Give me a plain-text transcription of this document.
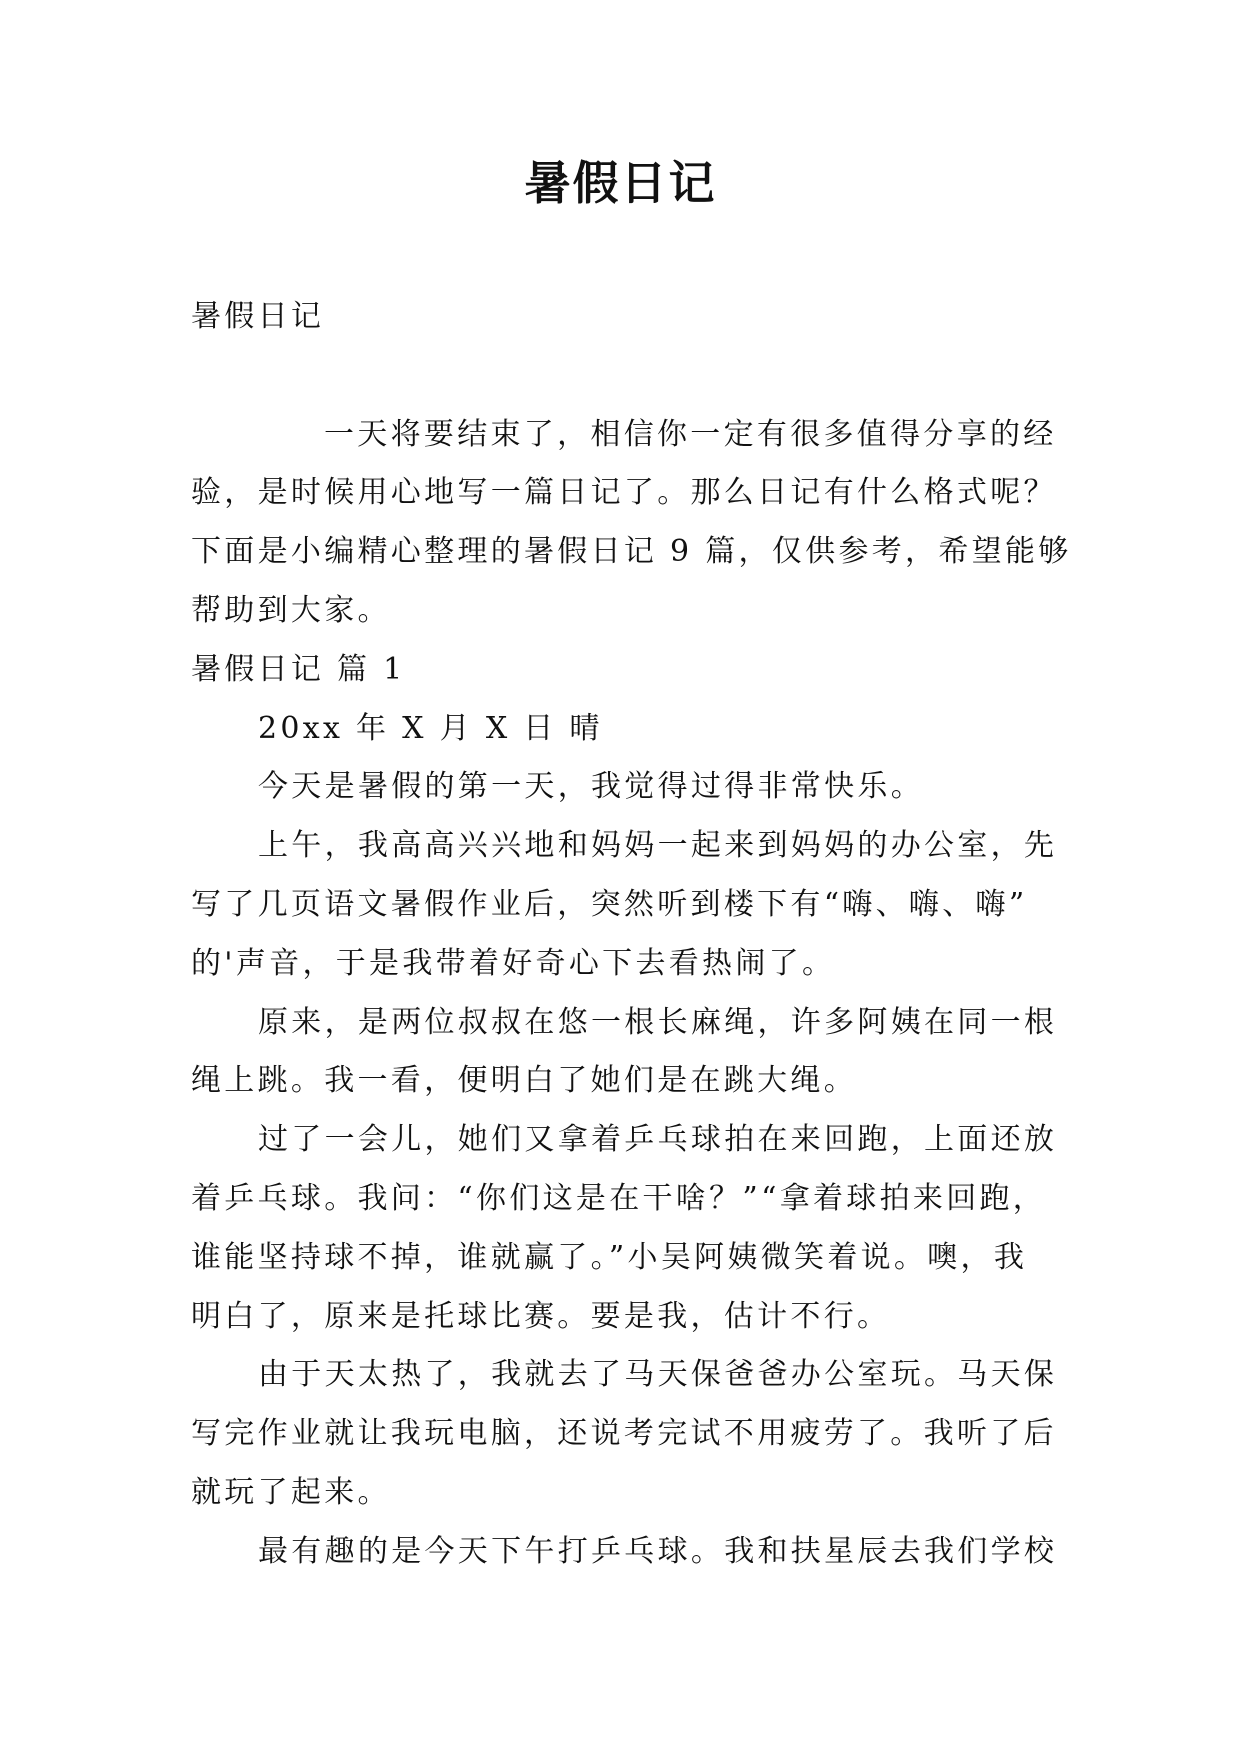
暑假日记
暑假日记
一天将要结束了，相信你一定有很多值得分享的经
验，是时候用心地写一篇日记了。那么日记有什么格式呢？
下面是小编精心整理的暑假日记 9 篇，仅供参考，希望能够
帮助到大家。
暑假日记 篇 1
20xx 年 X 月 X 日 晴
今天是暑假的第一天，我觉得过得非常快乐。
上午，我高高兴兴地和妈妈一起来到妈妈的办公室，先
写了几页语文暑假作业后，突然听到楼下有“嗨、嗨、嗨”
的'声音，于是我带着好奇心下去看热闹了。
原来，是两位叔叔在悠一根长麻绳，许多阿姨在同一根
绳上跳。我一看，便明白了她们是在跳大绳。
过了一会儿，她们又拿着乒乓球拍在来回跑，上面还放
着乒乓球。我问：“你们这是在干啥？”“拿着球拍来回跑，
谁能坚持球不掉，谁就赢了。”小吴阿姨微笑着说。噢，我
明白了，原来是托球比赛。要是我，估计不行。
由于天太热了，我就去了马天保爸爸办公室玩。马天保
写完作业就让我玩电脑，还说考完试不用疲劳了。我听了后
就玩了起来。
最有趣的是今天下午打乒乓球。我和扶星辰去我们学校
